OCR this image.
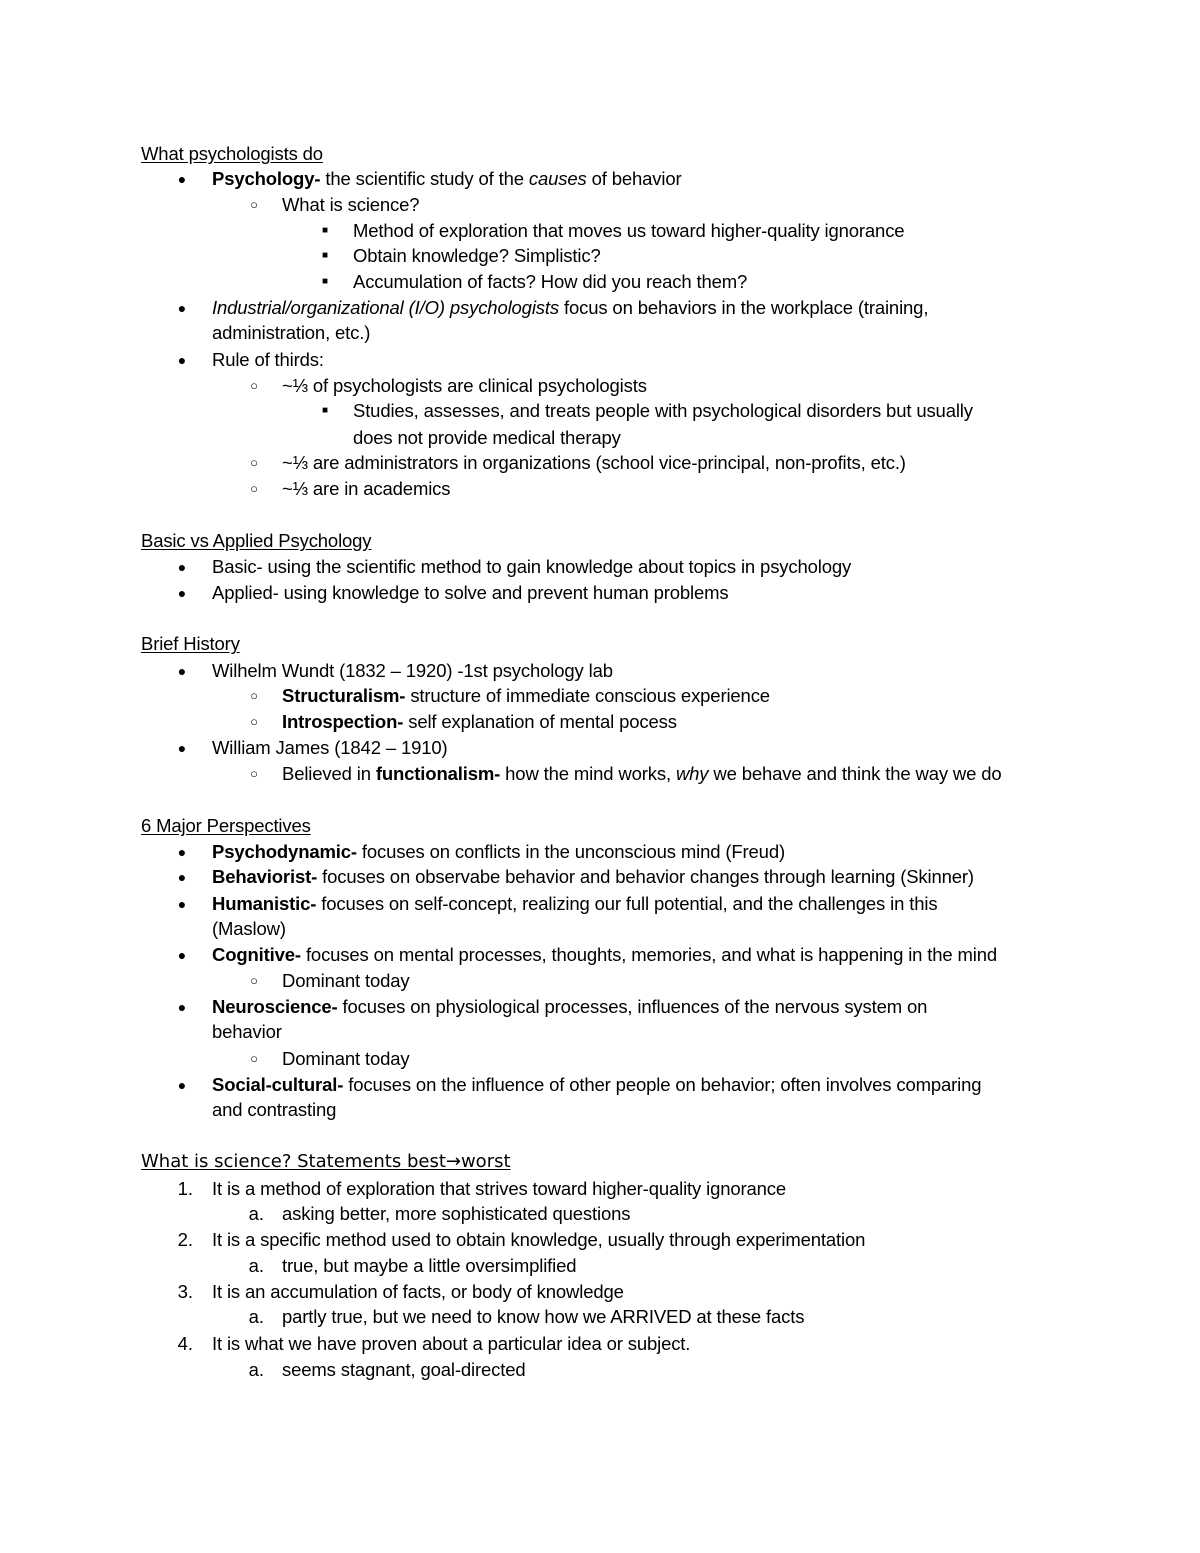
What psychologists do
●	Psychology- the scientific study of the causes of behavior
○	What is science?
■	Method of exploration that moves us toward higher-quality ignorance
■	Obtain knowledge? Simplistic?
■	Accumulation of facts? How did you reach them?
●	Industrial/organizational (I/O) psychologists focus on behaviors in the workplace (training,
administration, etc.)
●	Rule of thirds:
○	~⅓ of psychologists are clinical psychologists
■	Studies, assesses, and treats people with psychological disorders but usually
does not provide medical therapy
○	~⅓ are administrators in organizations (school vice-principal, non-profits, etc.)
○	~⅓ are in academics
Basic vs Applied Psychology
●	Basic- using the scientific method to gain knowledge about topics in psychology
●	Applied- using knowledge to solve and prevent human problems
Brief History
●	Wilhelm Wundt (1832 – 1920) -1st psychology lab
○	Structuralism- structure of immediate conscious experience
○	Introspection- self explanation of mental pocess
●	William James (1842 – 1910)
○	Believed in functionalism- how the mind works, why we behave and think the way we do
6 Major Perspectives
●	Psychodynamic- focuses on conflicts in the unconscious mind (Freud)
●	Behaviorist- focuses on observabe behavior and behavior changes through learning (Skinner)
●	Humanistic- focuses on self-concept, realizing our full potential, and the challenges in this
(Maslow)
●	Cognitive- focuses on mental processes, thoughts, memories, and what is happening in the mind
○	Dominant today
●	Neuroscience- focuses on physiological processes, influences of the nervous system on
behavior
○	Dominant today
●	Social-cultural- focuses on the influence of other people on behavior; often involves comparing
and contrasting
What is science? Statements best→worst
1. It is a method of exploration that strives toward higher-quality ignorance
a. asking better, more sophisticated questions
2. It is a specific method used to obtain knowledge, usually through experimentation
a. true, but maybe a little oversimplified
3. It is an accumulation of facts, or body of knowledge
a. partly true, but we need to know how we ARRIVED at these facts
4. It is what we have proven about a particular idea or subject.
a. seems stagnant, goal-directed
